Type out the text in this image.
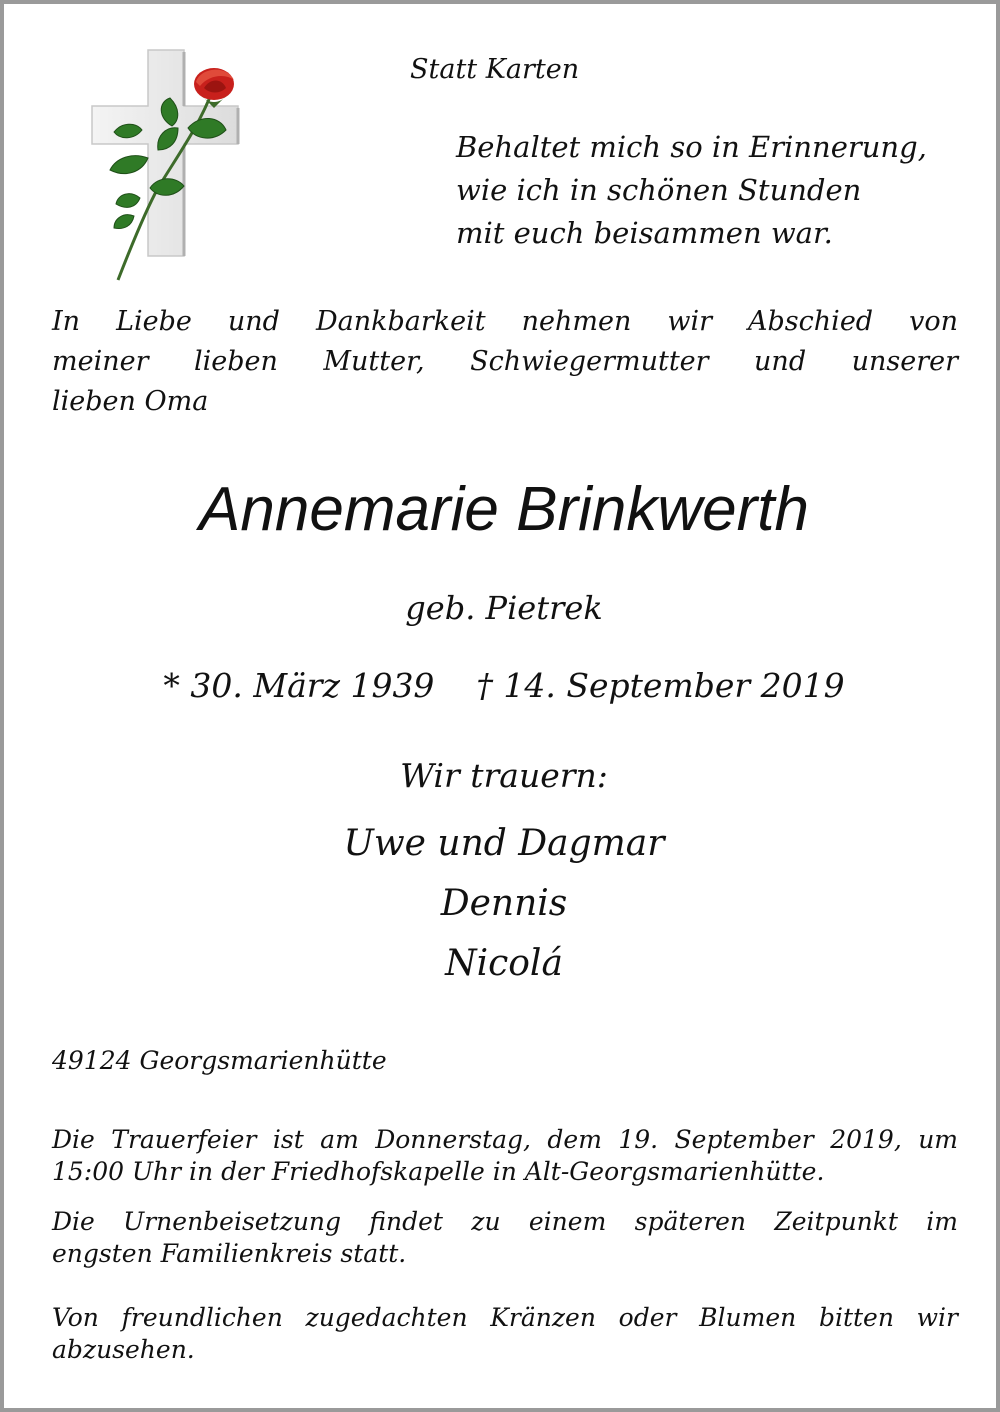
Statt Karten
Behaltet mich so in Erinnerung,
wie ich in schönen Stunden
mit euch beisammen war.
In Liebe und Dankbarkeit nehmen wir Abschied von
meiner lieben Mutter, Schwiegermutter und unserer
lieben Oma
Annemarie Brinkwerth
geb. Pietrek
* 30. März 1939    † 14. September 2019
Wir trauern:
Uwe und Dagmar
Dennis
Nicolá
49124 Georgsmarienhütte
Die Trauerfeier ist am Donnerstag, dem 19. September 2019, um
15:00 Uhr in der Friedhofskapelle in Alt-Georgsmarienhütte.
Die Urnenbeisetzung findet zu einem späteren Zeitpunkt im
engsten Familienkreis statt.
Von freundlichen zugedachten Kränzen oder Blumen bitten wir
abzusehen.
